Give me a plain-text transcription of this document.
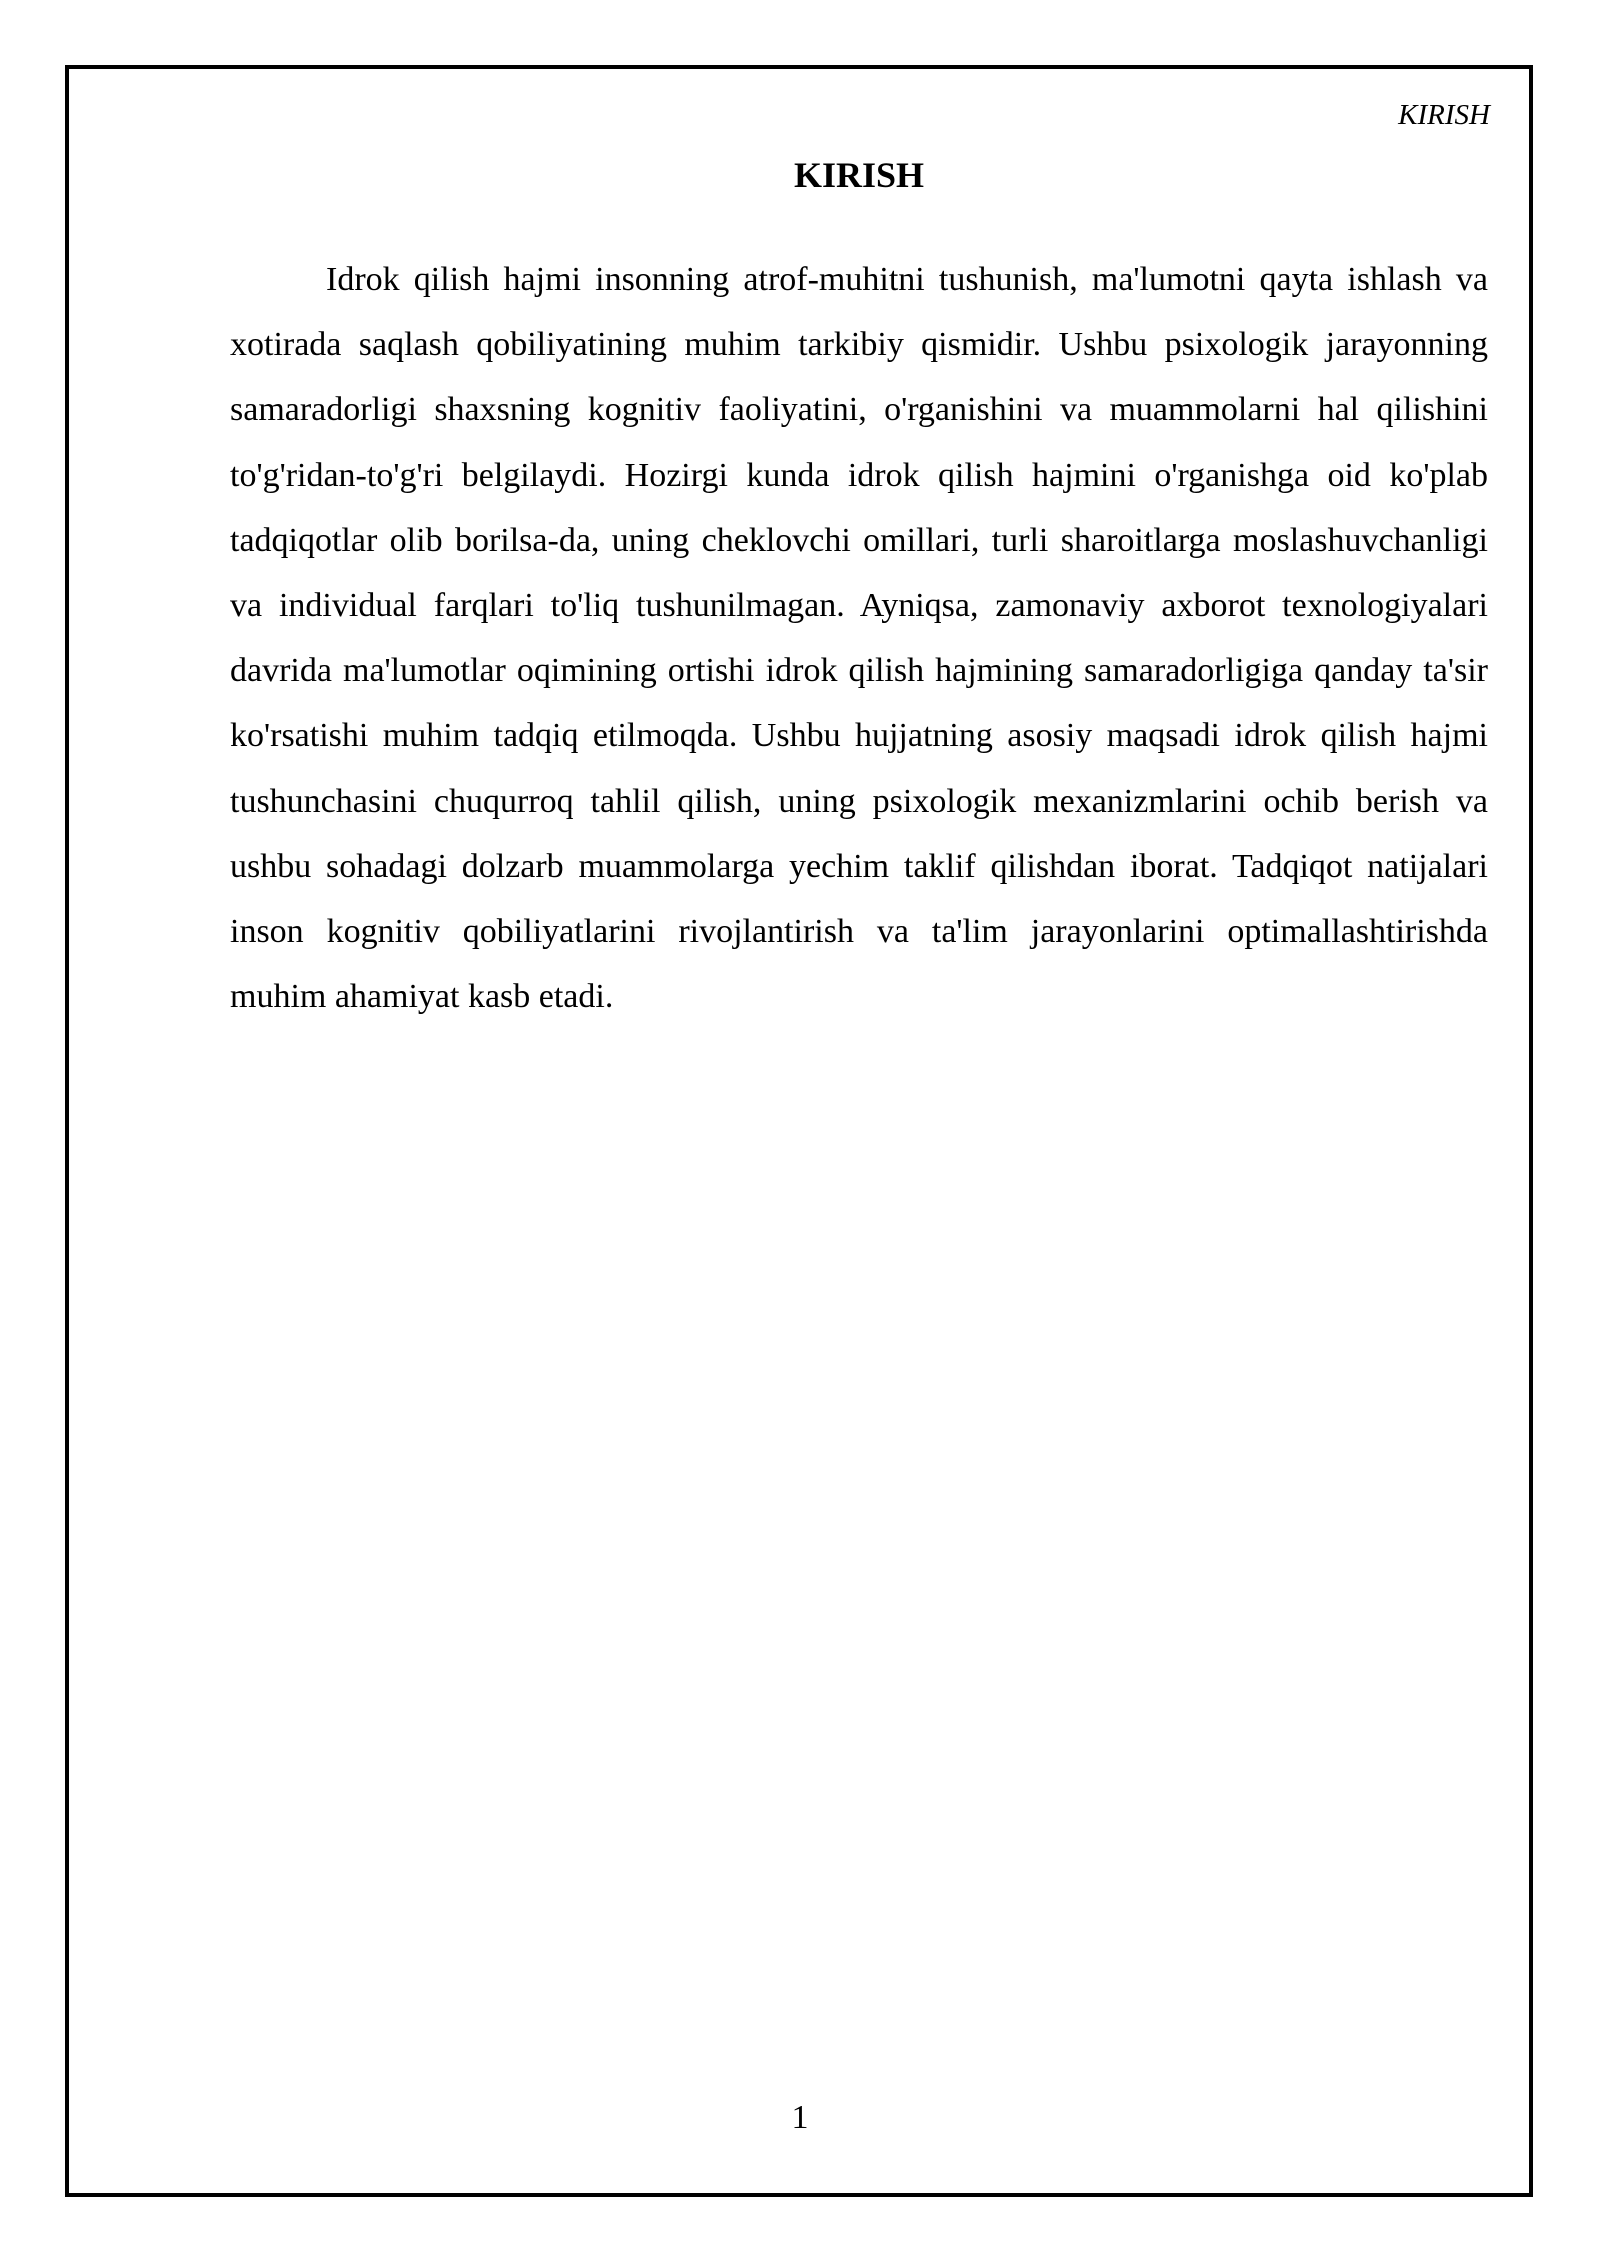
KIRISH
KIRISH

Idrok qilish hajmi insonning atrof-muhitni tushunish, ma'lumotni qayta ishlash va xotirada saqlash qobiliyatining muhim tarkibiy qismidir. Ushbu psixologik jarayonning samaradorligi shaxsning kognitiv faoliyatini, o'rganishini va muammolarni hal qilishini to'g'ridan-to'g'ri belgilaydi. Hozirgi kunda idrok qilish hajmini o'rganishga oid ko'plab tadqiqotlar olib borilsa-da, uning cheklovchi omillari, turli sharoitlarga moslashuvchanligi va individual farqlari to'liq tushunilmagan. Ayniqsa, zamonaviy axborot texnologiyalari davrida ma'lumotlar oqimining ortishi idrok qilish hajmining samaradorligiga qanday ta'sir ko'rsatishi muhim tadqiq etilmoqda. Ushbu hujjatning asosiy maqsadi idrok qilish hajmi tushunchasini chuqurroq tahlil qilish, uning psixologik mexanizmlarini ochib berish va ushbu sohadagi dolzarb muammolarga yechim taklif qilishdan iborat. Tadqiqot natijalari inson kognitiv qobiliyatlarini rivojlantirish va ta'lim jarayonlarini optimallashtirishda muhim ahamiyat kasb etadi.

1
